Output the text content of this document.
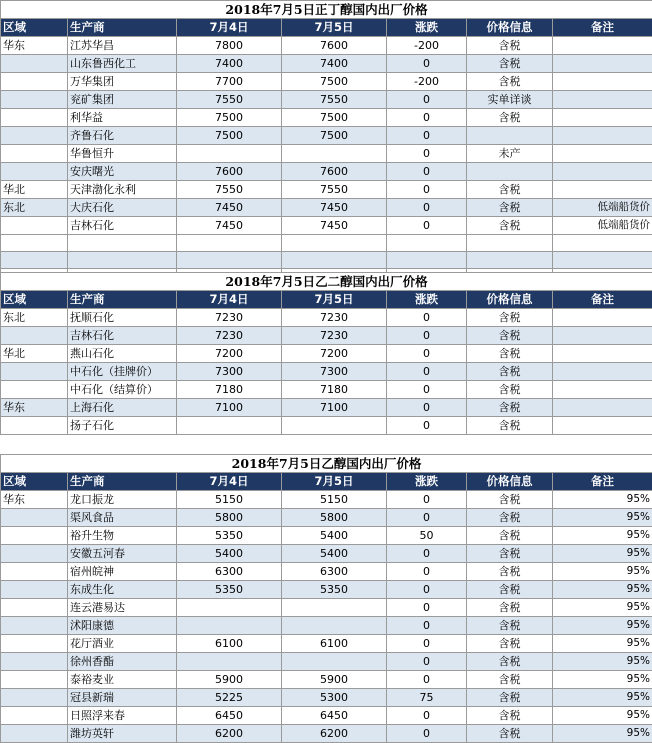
2018年7月5日正丁醇国内出厂价格						
区域	生产商	7月4日	7月5日	涨跌	价格信息	备注
华东	江苏华昌	7800	7600	-200	含税	
	山东鲁西化工	7400	7400	0	含税	
	万华集团	7700	7500	-200	含税	
	兖矿集团	7550	7550	0	实单详谈	
	利华益	7500	7500	0	含税	
	齐鲁石化	7500	7500	0		
	华鲁恒升			0	未产	
	安庆曙光	7600	7600	0		
华北	天津渤化永利	7550	7550	0	含税	
东北	大庆石化	7450	7450	0	含税	低端船货价
	吉林石化	7450	7450	0	含税	低端船货价

2018年7月5日乙二醇国内出厂价格						
区域	生产商	7月4日	7月5日	涨跌	价格信息	备注
东北	抚顺石化	7230	7230	0	含税	
	吉林石化	7230	7230	0	含税	
华北	燕山石化	7200	7200	0	含税	
	中石化（挂牌价）	7300	7300	0	含税	
	中石化（结算价）	7180	7180	0	含税	
华东	上海石化	7100	7100	0	含税	
	扬子石化			0	含税	
2018年7月5日乙醇国内出厂价格						
区域	生产商	7月4日	7月5日	涨跌	价格信息	备注
华东	龙口振龙	5150	5150	0	含税	95%
	渠风食品	5800	5800	0	含税	95%
	裕升生物	5350	5400	50	含税	95%
	安徽五河春	5400	5400	0	含税	95%
	宿州皖神	6300	6300	0	含税	95%
	东成生化	5350	5350	0	含税	95%
	连云港易达			0	含税	95%
	沭阳康德			0	含税	95%
	花厅酒业	6100	6100	0	含税	95%
	徐州香酯			0	含税	95%
	泰裕麦业	5900	5900	0	含税	95%
	冠县新瑞	5225	5300	75	含税	95%
	日照浮来春	6450	6450	0	含税	95%
	潍坊英轩	6200	6200	0	含税	95%
